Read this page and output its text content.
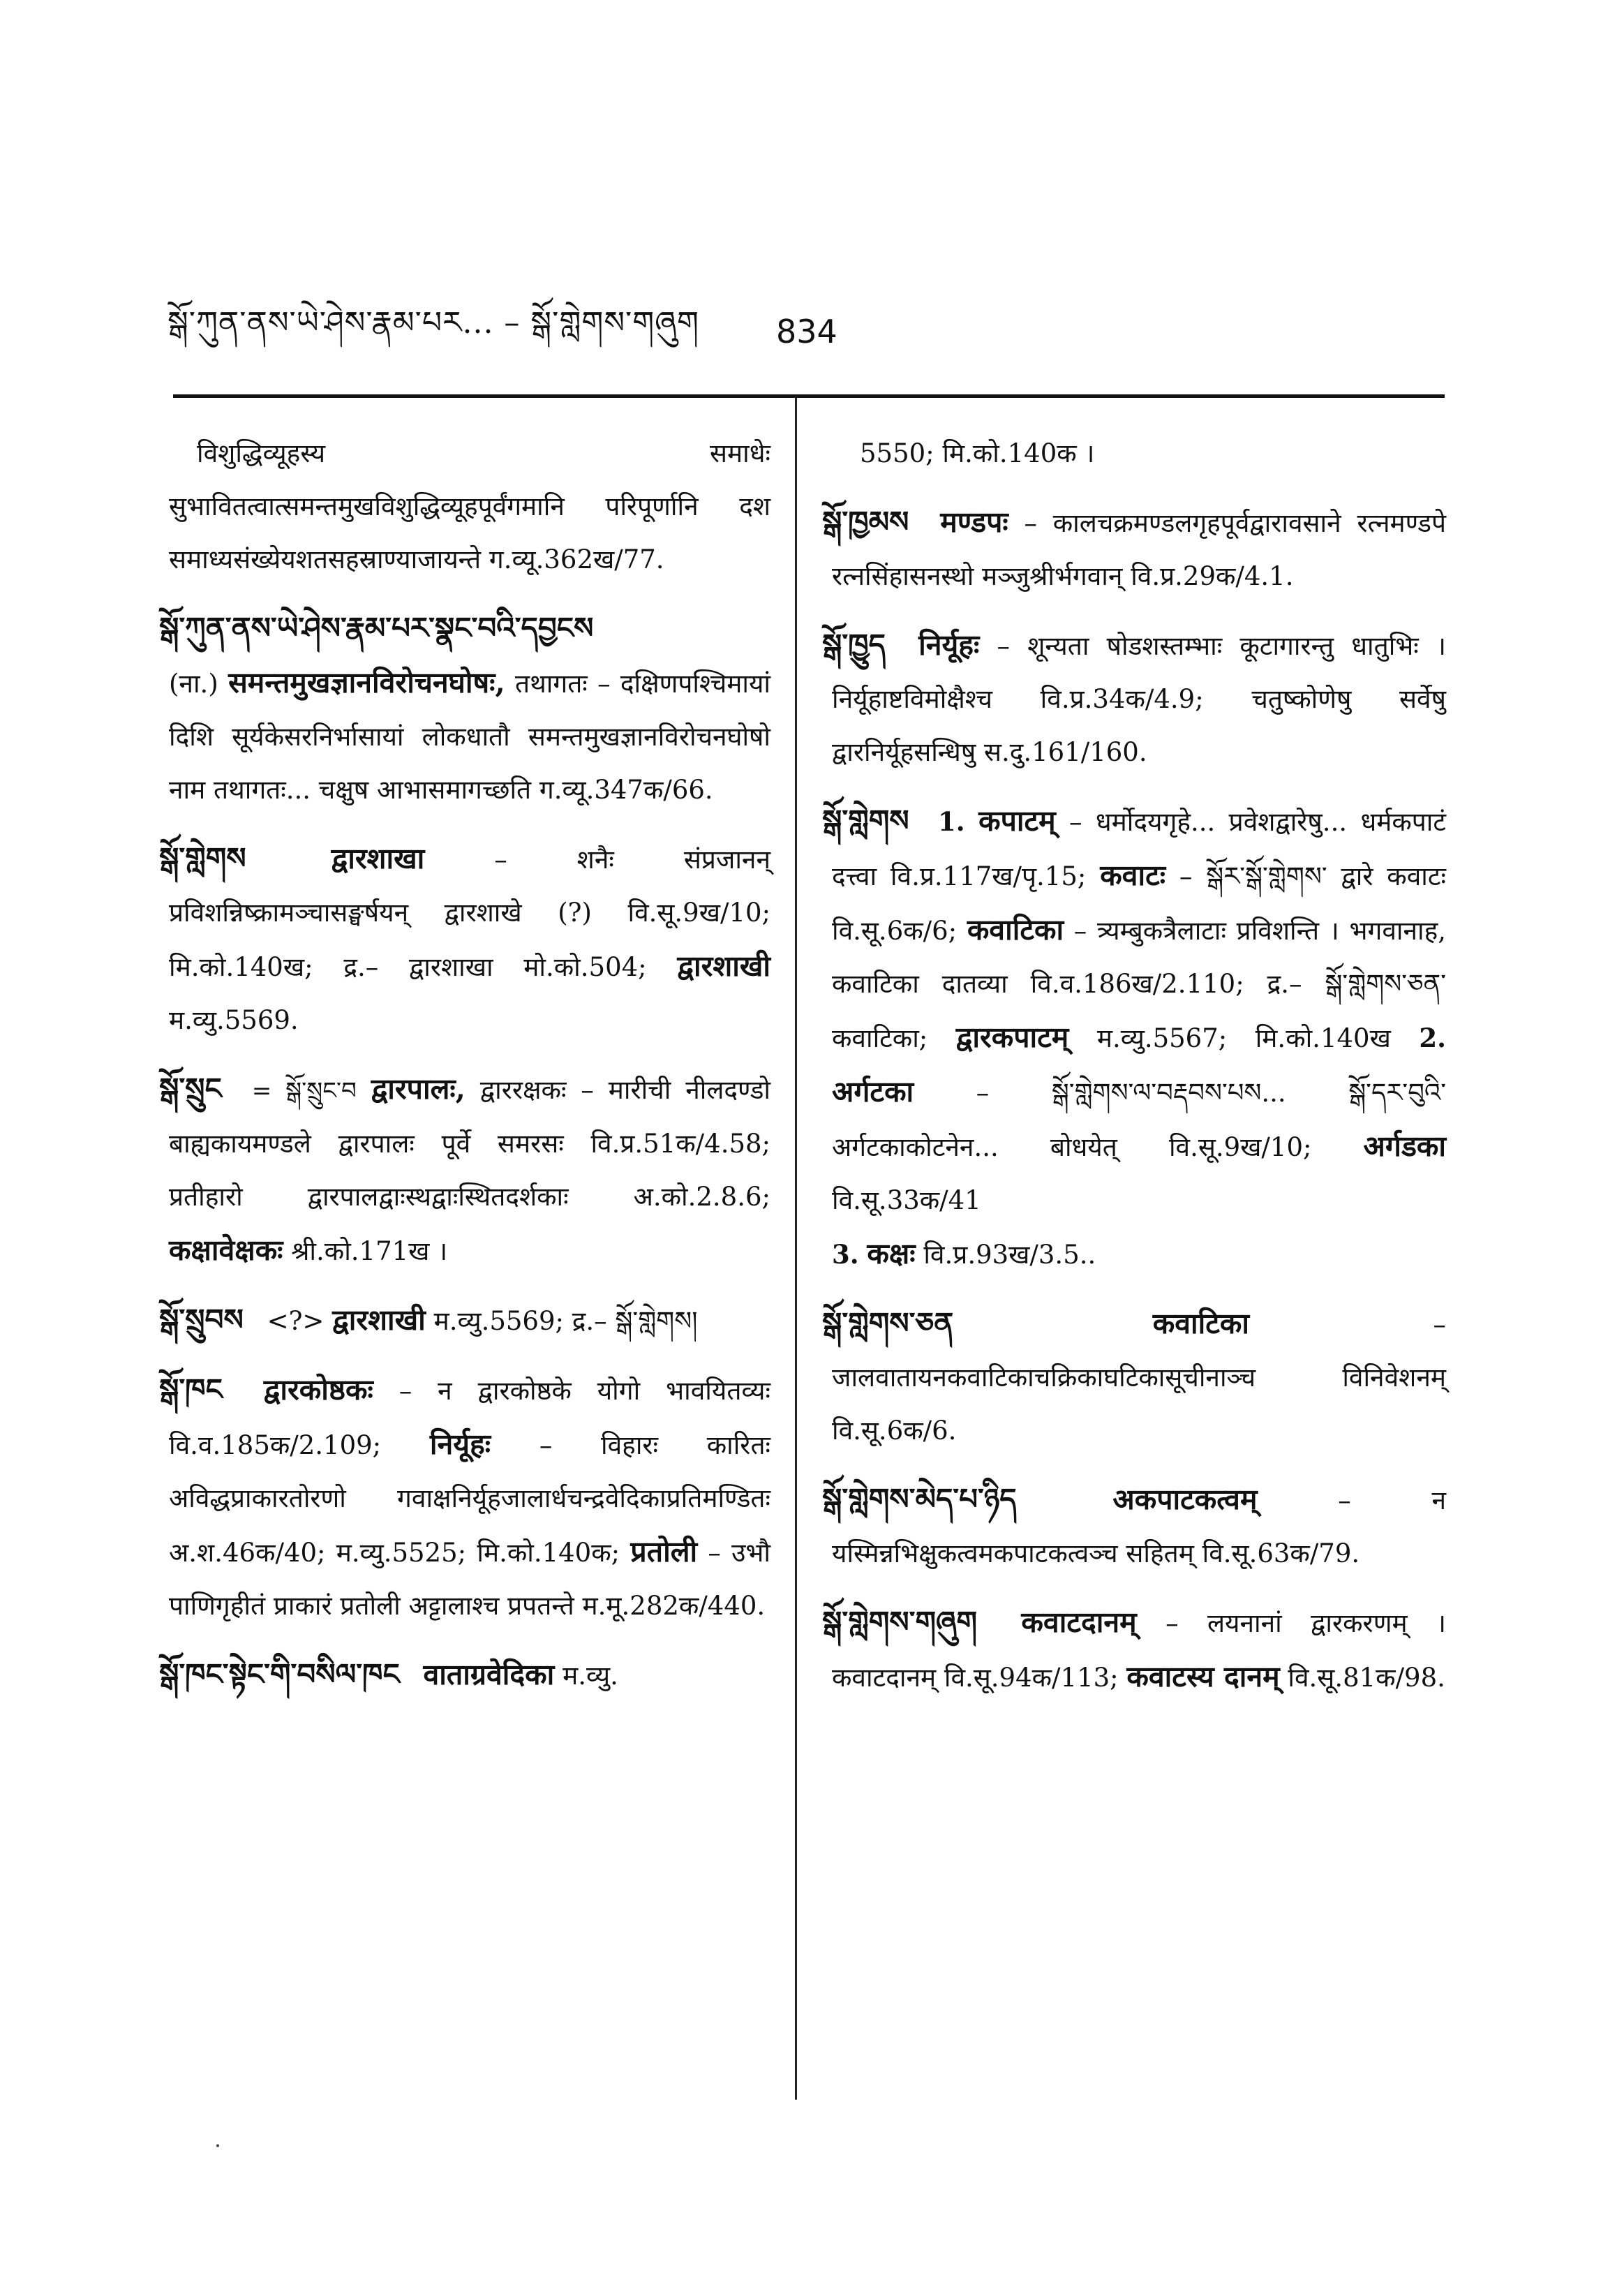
སྒོ་ཀུན་ནས་ཡེ་ཤེས་རྣམ་པར... – སྒོ་གླེགས་གཞུག 834

विशुद्धिव्यूहस्य समाधेः सुभावितत्वात्समन्तमुखविशुद्धिव्यूहपूर्वंगमानि परिपूर्णानि दश समाध्यसंख्येयशतसहस्राण्याजायन्ते ग.व्यू.362ख/77.

སྒོ་ཀུན་ནས་ཡེ་ཤེས་རྣམ་པར་སྣང་བའི་དབྱངས
(ना.) समन्तमुखज्ञानविरोचनघोषः, तथागतः – दक्षिणपश्चिमायां दिशि सूर्यकेसरनिर्भासायां लोकधातौ समन्तमुखज्ञानविरोचनघोषो नाम तथागतः... चक्षुष आभासमागच्छति ग.व्यू.347क/66.

སྒོ་གླེགས	द्वारशाखा	– शनैः संप्रजानन् प्रविशन्निष्क्रामञ्चासङ्घर्षयन् द्वारशाखे (?) वि.सू.9ख/10; मि.को.140ख; द्र.– द्वारशाखा मो.को.504; द्वारशाखी म.व्यु.5569.

སྒོ་སྲུང = སྒོ་སྲུང་བ द्वारपालः, द्वाररक्षकः – मारीची नीलदण्डो बाह्यकायमण्डले द्वारपालः पूर्वे समरसः वि.प्र.51क/4.58; प्रतीहारो द्वारपालद्वाःस्थद्वाःस्थितदर्शकाः अ.को.2.8.6; कक्षावेक्षकः श्री.को.171ख ।

སྒོ་སྲུབས <?> द्वारशाखी म.व्यु.5569; द्र.– སྒོ་གླེགས།

སྒོ་ཁང द्वारकोष्ठकः – न द्वारकोष्ठके योगो भावयितव्यः वि.व.185क/2.109; निर्यूहः – विहारः कारितः अविद्धप्राकारतोरणो गवाक्षनिर्यूहजालार्धचन्द्रवेदिकाप्रतिमण्डितः अ.श.46क/40; म.व्यु.5525; मि.को.140क; प्रतोली – उभौ पाणिगृहीतं प्राकारं प्रतोली अट्टालाश्च प्रपतन्ते म.मू.282क/440.

སྒོ་ཁང་སྟེང་གི་བསིལ་ཁང वाताग्रवेदिका म.व्यु.

5550; मि.को.140क ।

སྒོ་ཁྱམས मण्डपः – कालचक्रमण्डलगृहपूर्वद्वारावसाने रत्नमण्डपे रत्नसिंहासनस्थो मञ्जुश्रीर्भगवान् वि.प्र.29क/4.1.

སྒོ་ཁྱུད निर्यूहः – शून्यता षोडशस्तम्भाः कूटागारन्तु धातुभिः । निर्यूहाष्टविमोक्षैश्च वि.प्र.34क/4.9; चतुष्कोणेषु सर्वेषु द्वारनिर्यूहसन्धिषु स.दु.161/160.

སྒོ་གླེགས 1. कपाटम् – धर्मोदयगृहे... प्रवेशद्वारेषु... धर्मकपाटं दत्त्वा वि.प्र.117ख/पृ.15; कवाटः – སྒོར་སྒོ་གླེགས་ द्वारे कवाटः वि.सू.6क/6; कवाटिका – त्र्यम्बुकत्रैलाटाः प्रविशन्ति । भगवानाह, कवाटिका दातव्या वि.व.186ख/2.110; द्र.– སྒོ་གླེགས་ཅན་ कवाटिका; द्वारकपाटम् म.व्यु.5567; मि.को.140ख 2. अर्गटका – སྒོ་གླེགས་ལ་བརྡབས་པས... སྒོ་དར་བུའི་ अर्गटकाकोटनेन... बोधयेत् वि.सू.9ख/10; अर्गडका वि.सू.33क/41
3. कक्षः वि.प्र.93ख/3.5..

སྒོ་གླེགས་ཅན	कवाटिका	– जालवातायनकवाटिकाचक्रिकाघटिकासूचीनाञ्च विनिवेशनम् वि.सू.6क/6.

སྒོ་གླེགས་མེད་པ་ཉིད	अकपाटकत्वम्	– न यस्मिन्नभिक्षुकत्वमकपाटकत्वञ्च सहितम् वि.सू.63क/79.

སྒོ་གླེགས་གཞུག कवाटदानम् – लयनानां द्वारकरणम् । कवाटदानम् वि.सू.94क/113; कवाटस्य दानम् वि.सू.81क/98.
